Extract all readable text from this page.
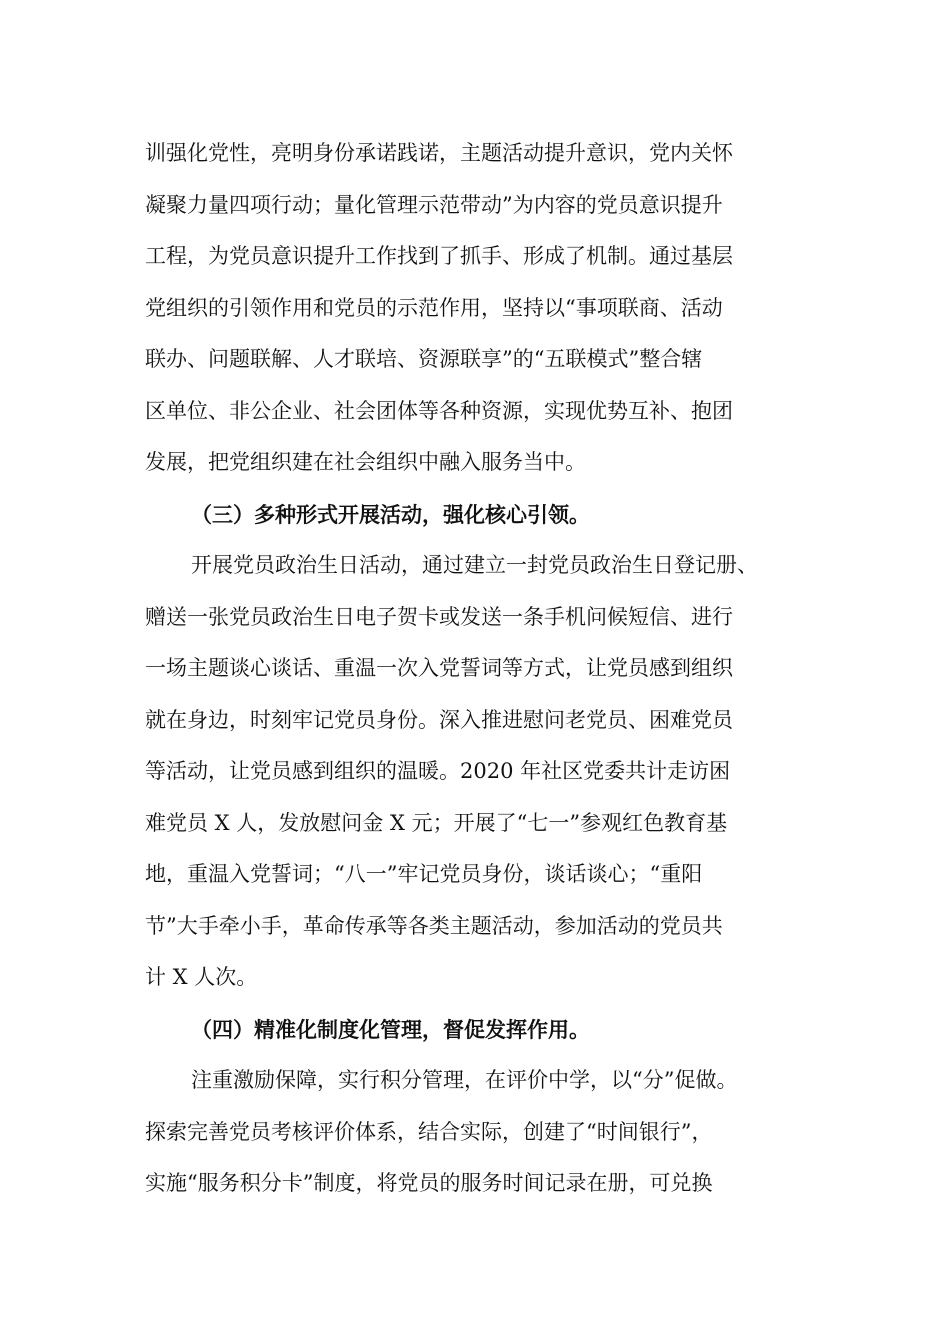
训强化党性，亮明身份承诺践诺，主题活动提升意识，党内关怀
凝聚力量四项行动；量化管理示范带动”为内容的党员意识提升
工程，为党员意识提升工作找到了抓手、形成了机制。通过基层
党组织的引领作用和党员的示范作用，坚持以“事项联商、活动
联办、问题联解、人才联培、资源联享”的“五联模式”整合辖
区单位、非公企业、社会团体等各种资源，实现优势互补、抱团
发展，把党组织建在社会组织中融入服务当中。
（三）多种形式开展活动，强化核心引领。
开展党员政治生日活动，通过建立一封党员政治生日登记册、
赠送一张党员政治生日电子贺卡或发送一条手机问候短信、进行
一场主题谈心谈话、重温一次入党誓词等方式，让党员感到组织
就在身边，时刻牢记党员身份。深入推进慰问老党员、困难党员
等活动，让党员感到组织的温暖。2020 年社区党委共计走访困
难党员 X 人，发放慰问金 X 元；开展了“七一”参观红色教育基
地，重温入党誓词；“八一”牢记党员身份，谈话谈心；“重阳
节”大手牵小手，革命传承等各类主题活动，参加活动的党员共
计 X 人次。
（四）精准化制度化管理，督促发挥作用。
注重激励保障，实行积分管理，在评价中学，以“分”促做。
探索完善党员考核评价体系，结合实际，创建了“时间银行”，
实施“服务积分卡”制度，将党员的服务时间记录在册，可兑换
